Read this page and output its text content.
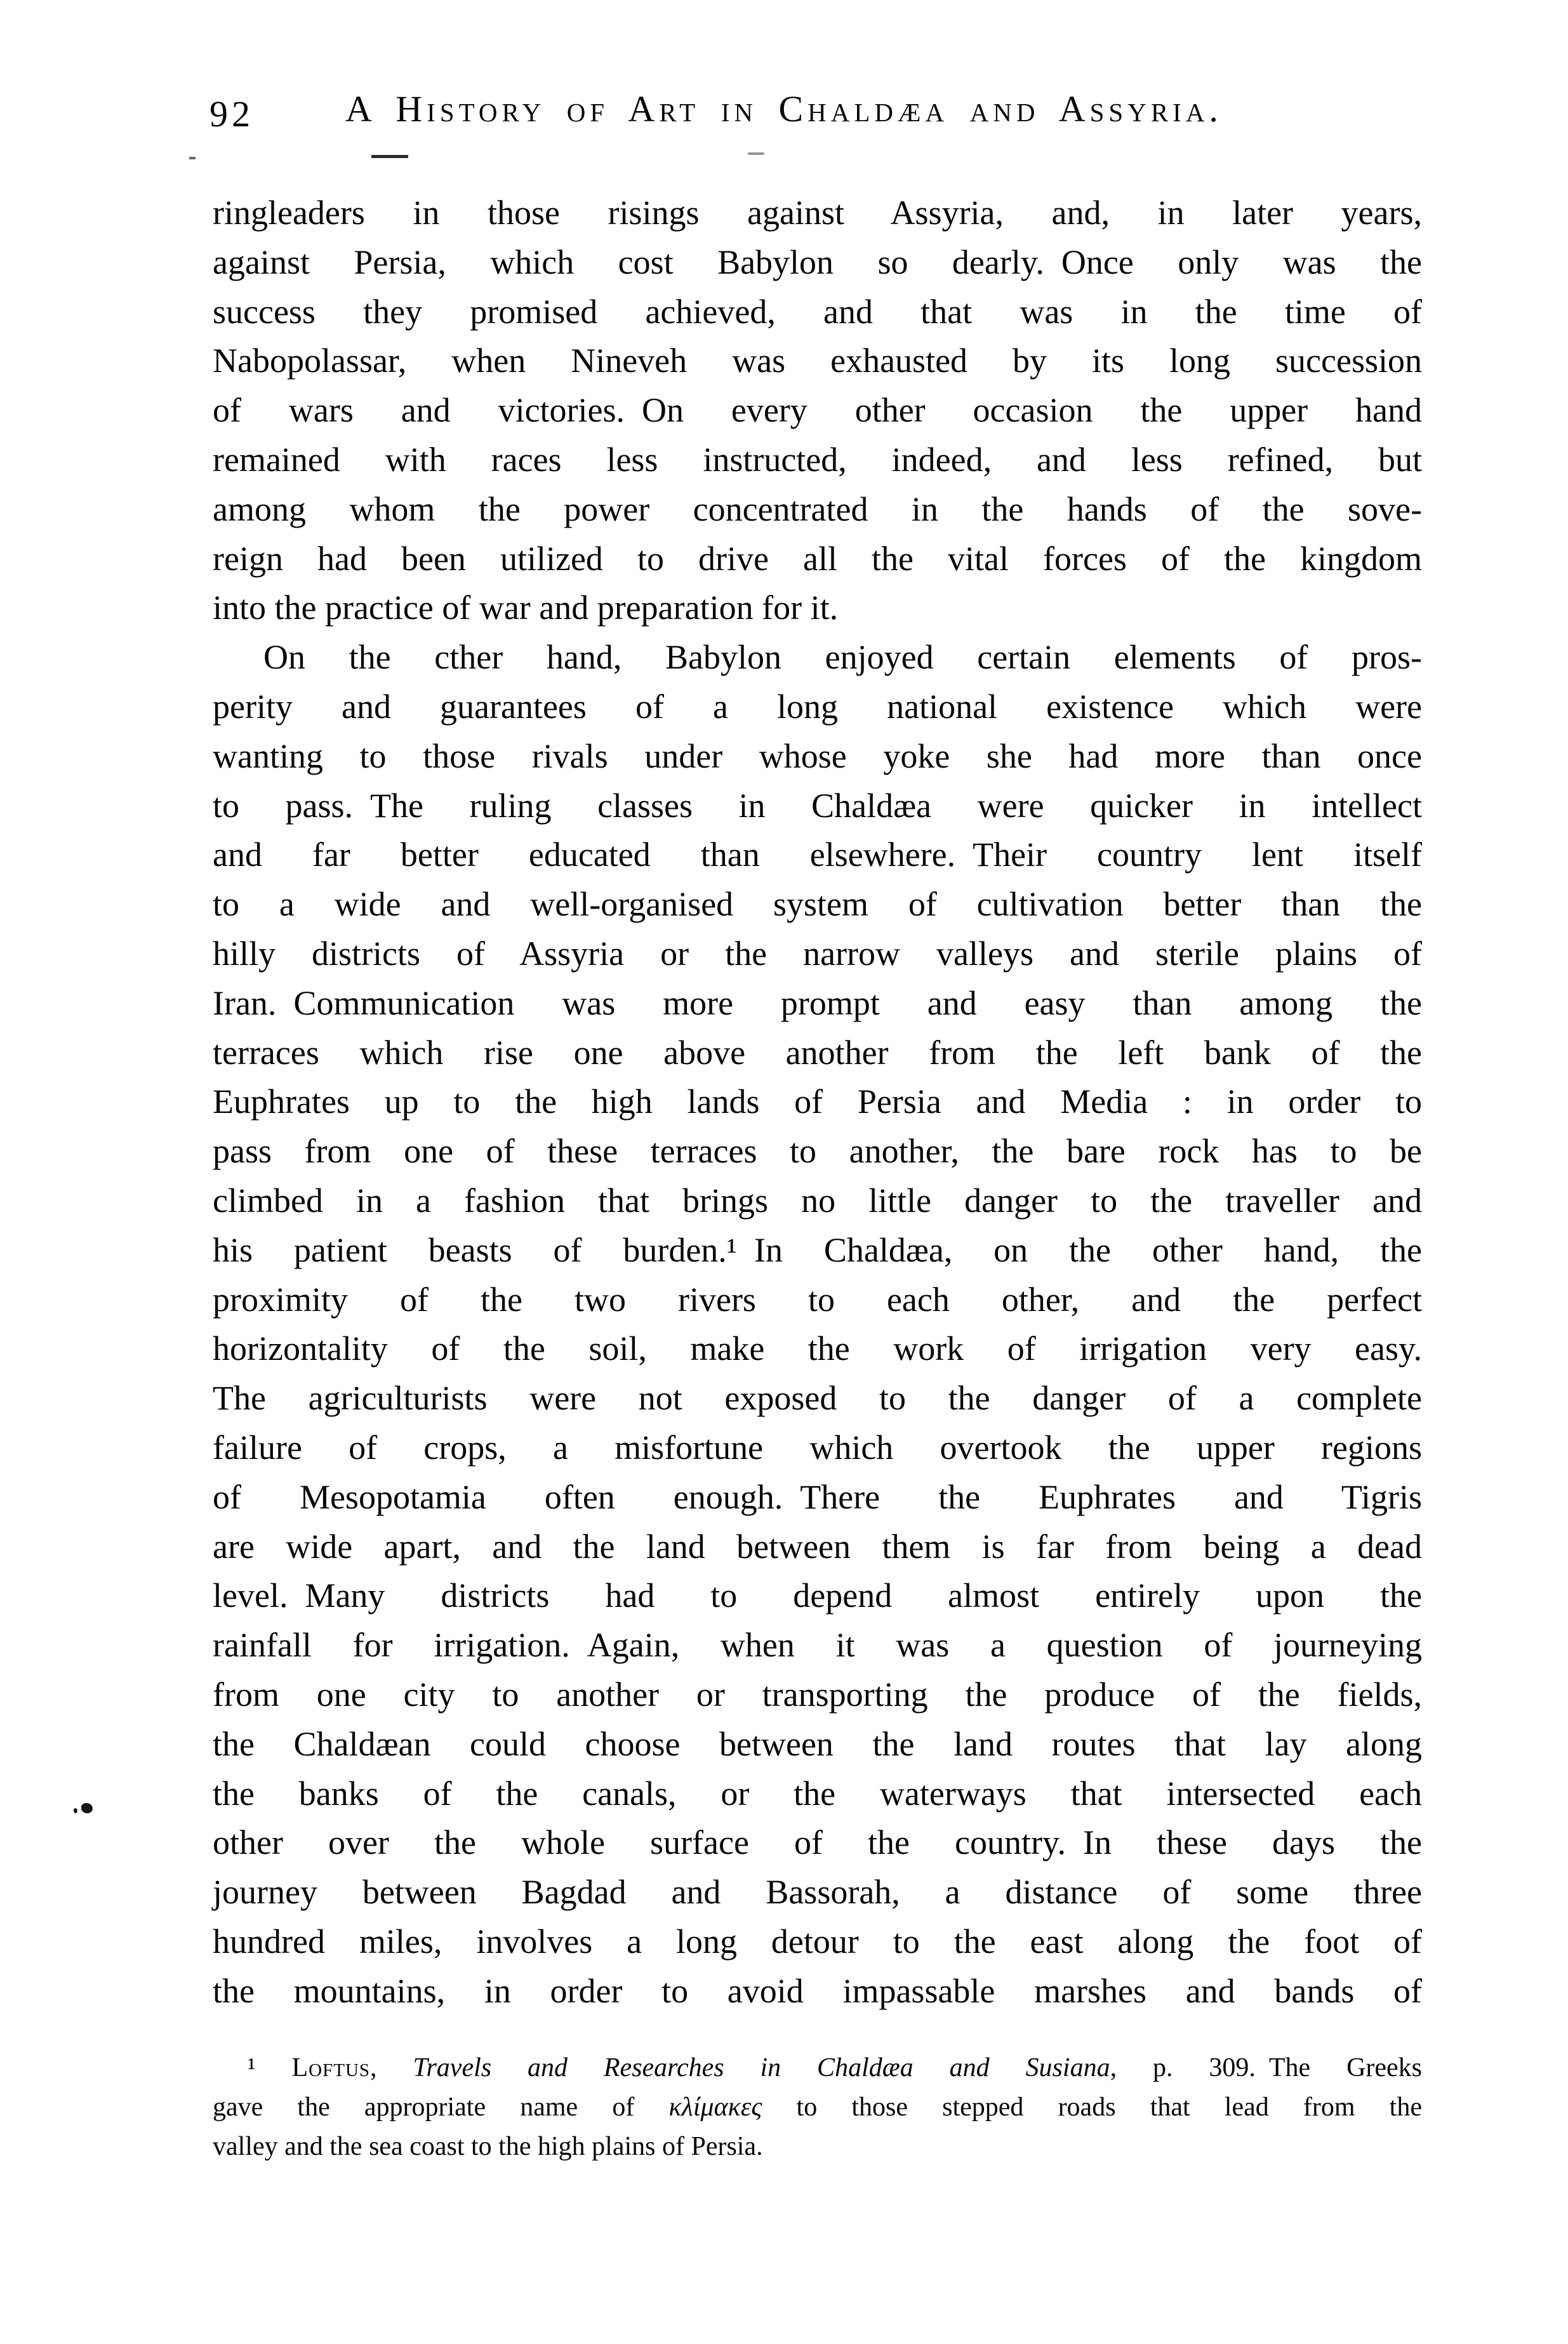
92 A History of Art in Chaldæa and Assyria.
ringleaders in those risings against Assyria, and, in later years,
against Persia, which cost Babylon so dearly. Once only was the
success they promised achieved, and that was in the time of
Nabopolassar, when Nineveh was exhausted by its long succession
of wars and victories. On every other occasion the upper hand
remained with races less instructed, indeed, and less refined, but
among whom the power concentrated in the hands of the sove-
reign had been utilized to drive all the vital forces of the kingdom
into the practice of war and preparation for it.
On the cther hand, Babylon enjoyed certain elements of pros-
perity and guarantees of a long national existence which were
wanting to those rivals under whose yoke she had more than once
to pass. The ruling classes in Chaldæa were quicker in intellect
and far better educated than elsewhere. Their country lent itself
to a wide and well-organised system of cultivation better than the
hilly districts of Assyria or the narrow valleys and sterile plains of
Iran. Communication was more prompt and easy than among the
terraces which rise one above another from the left bank of the
Euphrates up to the high lands of Persia and Media : in order to
pass from one of these terraces to another, the bare rock has to be
climbed in a fashion that brings no little danger to the traveller and
his patient beasts of burden.¹ In Chaldæa, on the other hand, the
proximity of the two rivers to each other, and the perfect
horizontality of the soil, make the work of irrigation very easy.
The agriculturists were not exposed to the danger of a complete
failure of crops, a misfortune which overtook the upper regions
of Mesopotamia often enough. There the Euphrates and Tigris
are wide apart, and the land between them is far from being a dead
level. Many districts had to depend almost entirely upon the
rainfall for irrigation. Again, when it was a question of journeying
from one city to another or transporting the produce of the fields,
the Chaldæan could choose between the land routes that lay along
the banks of the canals, or the waterways that intersected each
other over the whole surface of the country. In these days the
journey between Bagdad and Bassorah, a distance of some three
hundred miles, involves a long detour to the east along the foot of
the mountains, in order to avoid impassable marshes and bands of
¹ Loftus, Travels and Researches in Chaldæa and Susiana, p. 309. The Greeks
gave the appropriate name of κλίμακες to those stepped roads that lead from the
valley and the sea coast to the high plains of Persia.
